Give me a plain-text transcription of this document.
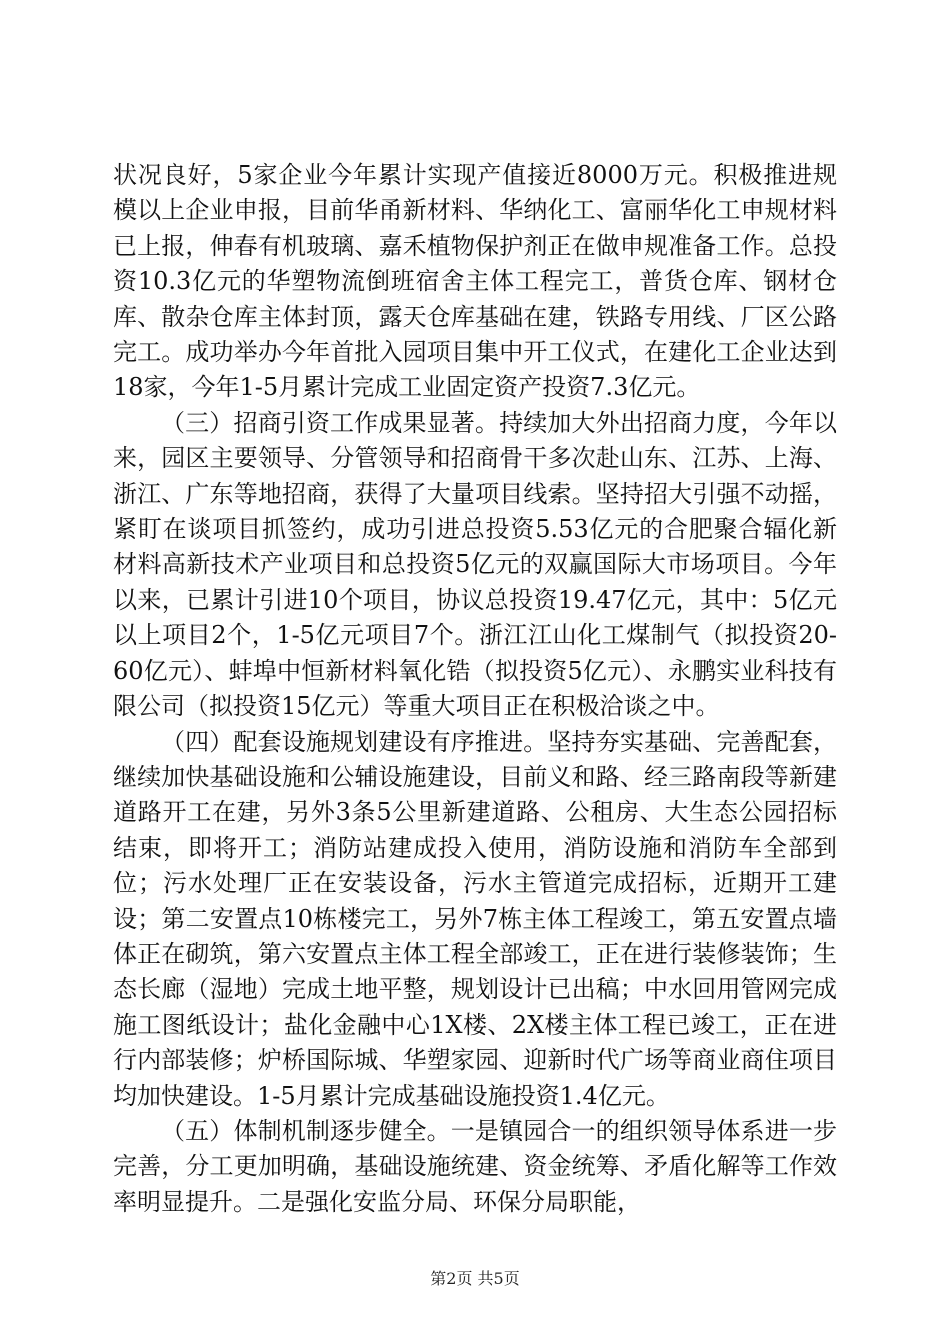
状况良好，5家企业今年累计实现产值接近8000万元。积极推进规模以上企业申报，目前华甬新材料、华纳化工、富丽华化工申规材料已上报，伸春有机玻璃、嘉禾植物保护剂正在做申规准备工作。总投资10.3亿元的华塑物流倒班宿舍主体工程完工，普货仓库、钢材仓库、散杂仓库主体封顶，露天仓库基础在建，铁路专用线、厂区公路完工。成功举办今年首批入园项目集中开工仪式，在建化工企业达到18家，今年1-5月累计完成工业固定资产投资7.3亿元。

（三）招商引资工作成果显著。持续加大外出招商力度，今年以来，园区主要领导、分管领导和招商骨干多次赴山东、江苏、上海、浙江、广东等地招商，获得了大量项目线索。坚持招大引强不动摇，紧盯在谈项目抓签约，成功引进总投资5.53亿元的合肥聚合辐化新材料高新技术产业项目和总投资5亿元的双赢国际大市场项目。今年以来，已累计引进10个项目，协议总投资19.47亿元，其中：5亿元以上项目2个，1-5亿元项目7个。浙江江山化工煤制气（拟投资20-60亿元）、蚌埠中恒新材料氧化锆（拟投资5亿元）、永鹏实业科技有限公司（拟投资15亿元）等重大项目正在积极洽谈之中。

（四）配套设施规划建设有序推进。坚持夯实基础、完善配套，继续加快基础设施和公辅设施建设，目前义和路、经三路南段等新建道路开工在建，另外3条5公里新建道路、公租房、大生态公园招标结束，即将开工；消防站建成投入使用，消防设施和消防车全部到位；污水处理厂正在安装设备，污水主管道完成招标，近期开工建设；第二安置点10栋楼完工，另外7栋主体工程竣工，第五安置点墙体正在砌筑，第六安置点主体工程全部竣工，正在进行装修装饰；生态长廊（湿地）完成土地平整，规划设计已出稿；中水回用管网完成施工图纸设计；盐化金融中心1X楼、2X楼主体工程已竣工，正在进行内部装修；炉桥国际城、华塑家园、迎新时代广场等商业商住项目均加快建设。1-5月累计完成基础设施投资1.4亿元。

（五）体制机制逐步健全。一是镇园合一的组织领导体系进一步完善，分工更加明确，基础设施统建、资金统筹、矛盾化解等工作效率明显提升。二是强化安监分局、环保分局职能，

第2页 共5页
